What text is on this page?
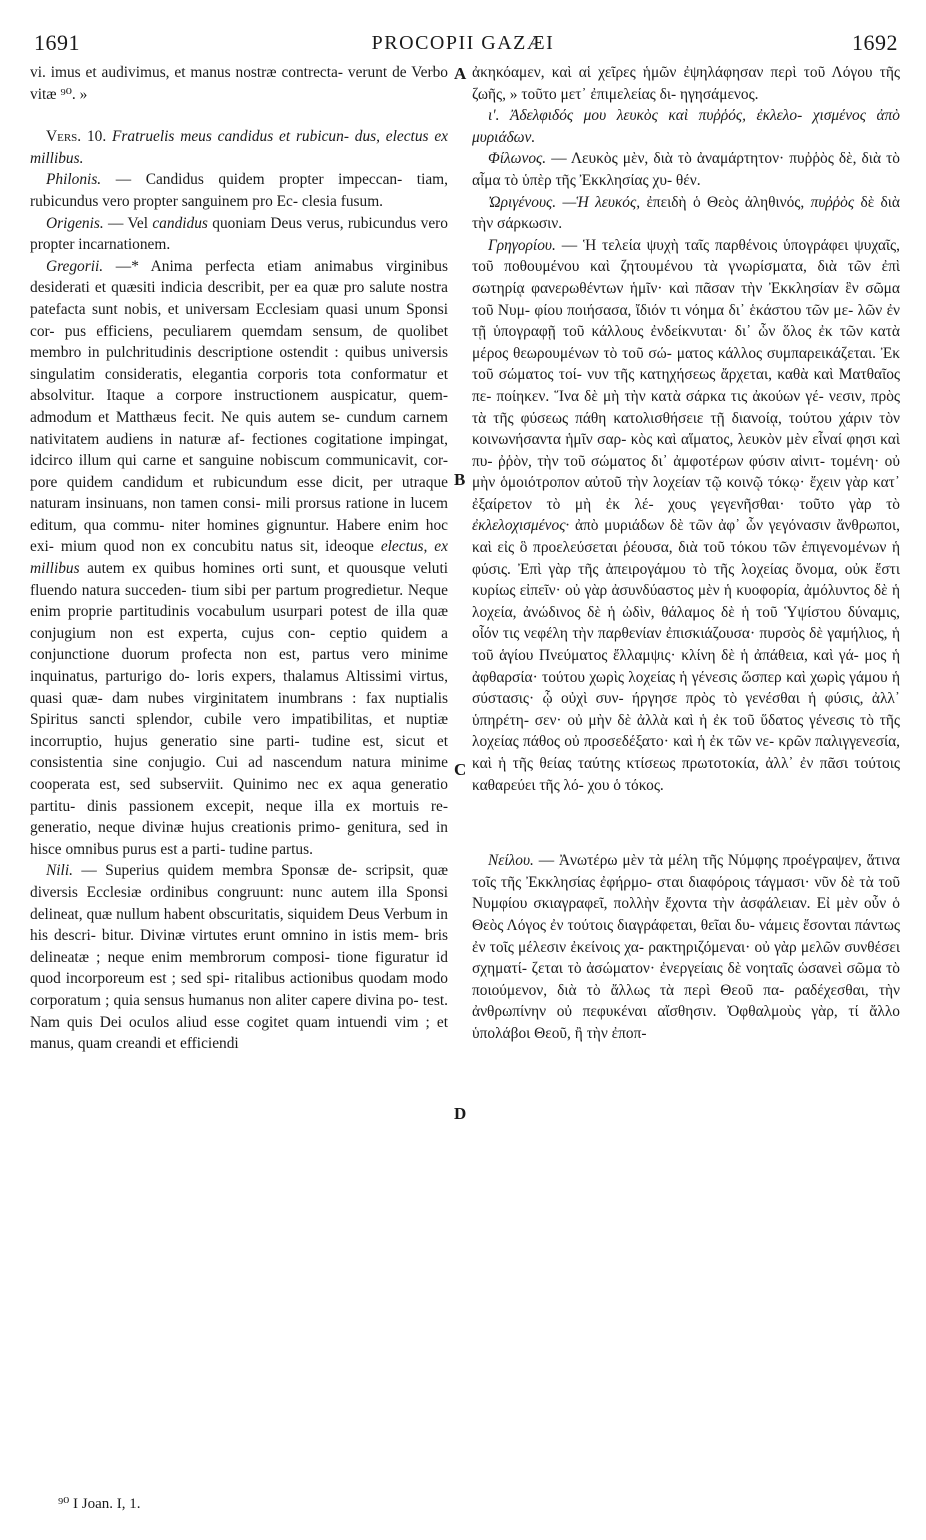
1691	PROCOPII GAZÆI	1692

vi. imus et audivimus, et manus nostræ contrecta- verunt de Verbo vitæ ⁹⁰. »

Vers. 10. Fratruelis meus candidus et rubicun- dus, electus ex millibus.

Philonis. — Candidus quidem propter impeccan- tiam, rubicundus vero propter sanguinem pro Ec- clesia fusum.

Origenis. — Vel candidus quoniam Deus verus, rubicundus vero propter incarnationem.

Gregorii. —* Anima perfecta etiam animabus virginibus desiderati et quæsiti indicia describit, per ea quæ pro salute nostra patefacta sunt nobis, et universam Ecclesiam quasi unum Sponsi cor- pus efficiens, peculiarem quemdam sensum, de quolibet membro in pulchritudinis descriptione ostendit : quibus universis singulatim consideratis, elegantia corporis tota conformatur et absolvitur. Itaque a corpore instructionem auspicatur, quem- admodum et Matthæus fecit. Ne quis autem se- cundum carnem nativitatem audiens in naturæ af- fectiones cogitatione impingat, idcirco illum qui carne et sanguine nobiscum communicavit, cor- pore quidem candidum et rubicundum esse dicit, per utraque naturam insinuans, non tamen consi- mili prorsus ratione in lucem editum, qua commu- niter homines gignuntur. Habere enim hoc exi- mium quod non ex concubitu natus sit, ideoque electus, ex millibus autem ex quibus homines orti sunt, et quousque veluti fluendo natura succeden- tium sibi per partum progredietur. Neque enim proprie partitudinis vocabulum usurpari potest de illa quæ conjugium non est experta, cujus con- ceptio quidem a conjunctione duorum profecta non est, partus vero minime inquinatus, parturigo do- loris expers, thalamus Altissimi virtus, quasi quæ- dam nubes virginitatem inumbrans : fax nuptialis Spiritus sancti splendor, cubile vero impatibilitas, et nuptiæ incorruptio, hujus generatio sine parti- tudine est, sicut et consistentia sine conjugio. Cui ad nascendum natura minime cooperata est, sed subserviit. Quinimo nec ex aqua generatio partitu- dinis passionem excepit, neque illa ex mortuis re- generatio, neque divinæ hujus creationis primo- genitura, sed in hisce omnibus purus est a parti- tudine partus.

Nili. — Superius quidem membra Sponsæ de- scripsit, quæ diversis Ecclesiæ ordinibus congruunt: nunc autem illa Sponsi delineat, quæ nullum habent obscuritatis, siquidem Deus Verbum in his descri- bitur. Divinæ virtutes erunt omnino in istis mem- bris delineatæ ; neque enim membrorum composi- tione figuratur id quod incorporeum est ; sed spi- ritalibus actionibus quodam modo corporatum ; quia sensus humanus non aliter capere divina po- test. Nam quis Dei oculos aliud esse cogitet quam intuendi vim ; et manus, quam creandi et efficiendi

A
B
C
D

ἀκηκόαμεν, καὶ αἱ χεῖρες ἡμῶν ἐψηλάφησαν περὶ τοῦ Λόγου τῆς ζωῆς, » τοῦτο μετ᾽ ἐπιμελείας δι- ηγησάμενος.

ι'. Ἀδελφιδός μου λευκὸς καὶ πυῤῥός, ἐκλελο- χισμένος ἀπὸ μυριάδων.

Φίλωνος. — Λευκὸς μὲν, διὰ τὸ ἀναμάρτητον· πυῤῥὸς δὲ, διὰ τὸ αἷμα τὸ ὑπὲρ τῆς Ἐκκλησίας χυ- θέν.

Ὠριγένους. —Ἡ λευκός, ἐπειδὴ ὁ Θεὸς ἀληθινός, πυῤῥὸς δὲ διὰ τὴν σάρκωσιν.

Γρηγορίου. — Ἡ τελεία ψυχὴ ταῖς παρθένοις ὑπογράφει ψυχαῖς, τοῦ ποθουμένου καὶ ζητουμένου τὰ γνωρίσματα, διὰ τῶν ἐπὶ σωτηρίᾳ φανερωθέντων ἡμῖν· καὶ πᾶσαν τὴν Ἐκκλησίαν ἓν σῶμα τοῦ Νυμ- φίου ποιήσασα, ἴδιόν τι νόημα δι᾽ ἑκάστου τῶν με- λῶν ἐν τῇ ὑπογραφῇ τοῦ κάλλους ἐνδείκνυται· δι᾽ ὧν ὅλος ἐκ τῶν κατὰ μέρος θεωρουμένων τὸ τοῦ σώ- ματος κάλλος συμπαρεικάζεται. Ἐκ τοῦ σώματος τοί- νυν τῆς κατηχήσεως ἄρχεται, καθὰ καὶ Ματθαῖος πε- ποίηκεν. Ἵνα δὲ μὴ τὴν κατὰ σάρκα τις ἀκούων γέ- νεσιν, πρὸς τὰ τῆς φύσεως πάθη κατολισθήσειε τῇ διανοίᾳ, τούτου χάριν τὸν κοινωνήσαντα ἡμῖν σαρ- κὸς καὶ αἵματος, λευκὸν μὲν εἶναί φησι καὶ πυ- ῤῥὸν, τὴν τοῦ σώματος δι᾽ ἀμφοτέρων φύσιν αἰνιτ- τομένη· οὐ μὴν ὁμοιότροπον αὐτοῦ τὴν λοχείαν τῷ κοινῷ τόκῳ· ἔχειν γὰρ κατ᾽ ἐξαίρετον τὸ μὴ ἐκ λέ- χους γεγενῆσθαι· τοῦτο γὰρ τὸ ἐκλελοχισμένος· ἀπὸ μυριάδων δὲ τῶν ἀφ᾽ ὧν γεγόνασιν ἄνθρωποι, καὶ εἰς ὃ προελεύσεται ῥέουσα, διὰ τοῦ τόκου τῶν ἐπιγενομένων ἡ φύσις. Ἐπὶ γὰρ τῆς ἀπειρογάμου τὸ τῆς λοχείας ὄνομα, οὐκ ἔστι κυρίως εἰπεῖν· οὐ γὰρ ἀσυνδύαστος μὲν ἡ κυοφορία, ἀμόλυντος δὲ ἡ λοχεία, ἀνώδινος δὲ ἡ ὠδὶν, θάλαμος δὲ ἡ τοῦ Ὑψίστου δύναμις, οἷόν τις νεφέλη τὴν παρθενίαν ἐπισκιάζουσα· πυρσὸς δὲ γαμήλιος, ἡ τοῦ ἁγίου Πνεύματος ἔλλαμψις· κλίνη δὲ ἡ ἀπάθεια, καὶ γά- μος ἡ ἀφθαρσία· τούτου χωρὶς λοχείας ἡ γένεσις ὥσπερ καὶ χωρὶς γάμου ἡ σύστασις· ᾧ οὐχὶ συν- ήργησε πρὸς τὸ γενέσθαι ἡ φύσις, ἀλλ᾽ ὑπηρέτη- σεν· οὐ μὴν δὲ ἀλλὰ καὶ ἡ ἐκ τοῦ ὕδατος γένεσις τὸ τῆς λοχείας πάθος οὐ προσεδέξατο· καὶ ἡ ἐκ τῶν νε- κρῶν παλιγγενεσία, καὶ ἡ τῆς θείας ταύτης κτίσεως πρωτοτοκία, ἀλλ᾽ ἐν πᾶσι τούτοις καθαρεύει τῆς λό- χου ὁ τόκος.

Νείλου. — Ἀνωτέρω μὲν τὰ μέλη τῆς Νύμφης προέγραψεν, ἅτινα τοῖς τῆς Ἐκκλησίας ἐφήρμο- σται διαφόροις τάγμασι· νῦν δὲ τὰ τοῦ Νυμφίου σκιαγραφεῖ, πολλὴν ἔχοντα τὴν ἀσφάλειαν. Εἰ μὲν οὖν ὁ Θεὸς Λόγος ἐν τούτοις διαγράφεται, θεῖαι δυ- νάμεις ἔσονται πάντως ἐν τοῖς μέλεσιν ἐκείνοις χα- ρακτηριζόμεναι· οὐ γὰρ μελῶν συνθέσει σχηματί- ζεται τὸ ἀσώματον· ἐνεργείαις δὲ νοηταῖς ὡσανεὶ σῶμα τὸ ποιούμενον, διὰ τὸ ἄλλως τὰ περὶ Θεοῦ πα- ραδέχεσθαι, τὴν ἀνθρωπίνην οὐ πεφυκέναι αἴσθησιν. Ὀφθαλμοὺς γὰρ, τί ἄλλο ὑπολάβοι Θεοῦ, ἢ τὴν ἐποπ-

⁹⁰ I Joan. I, 1.
